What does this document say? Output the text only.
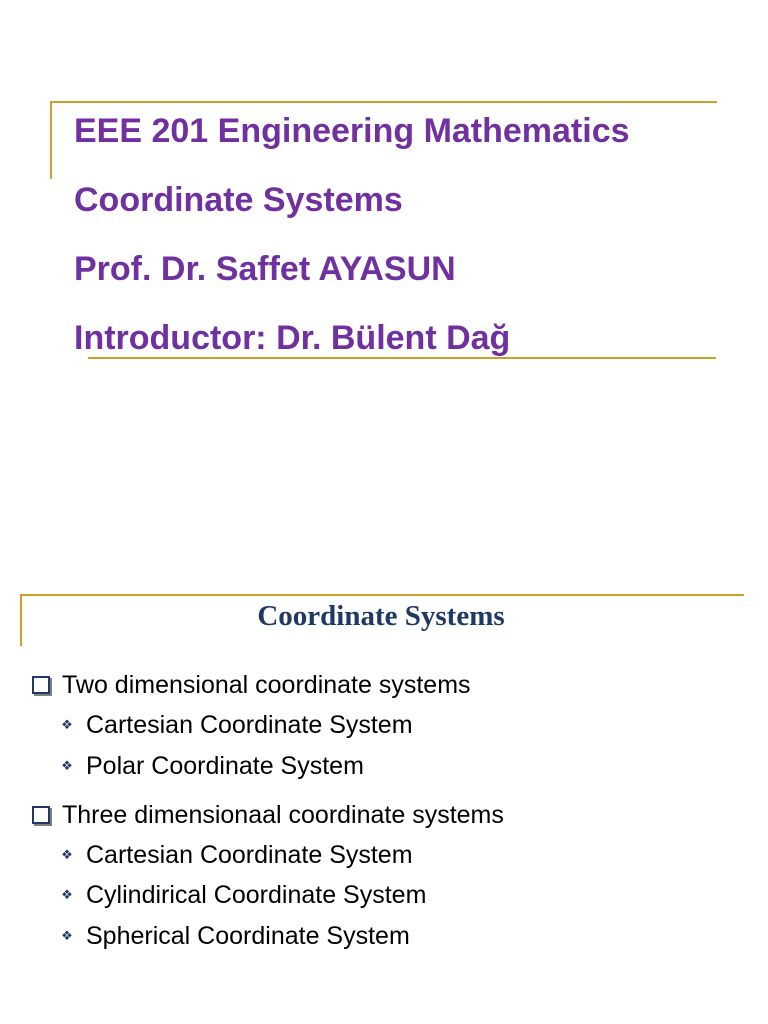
EEE 201 Engineering Mathematics
Coordinate Systems
Prof. Dr. Saffet AYASUN
Introductor: Dr. Bülent Dağ
Coordinate Systems
Two dimensional coordinate systems
❖ Cartesian Coordinate System
❖ Polar Coordinate System
Three dimensionaal coordinate systems
❖ Cartesian Coordinate System
❖ Cylindirical Coordinate System
❖ Spherical Coordinate System
